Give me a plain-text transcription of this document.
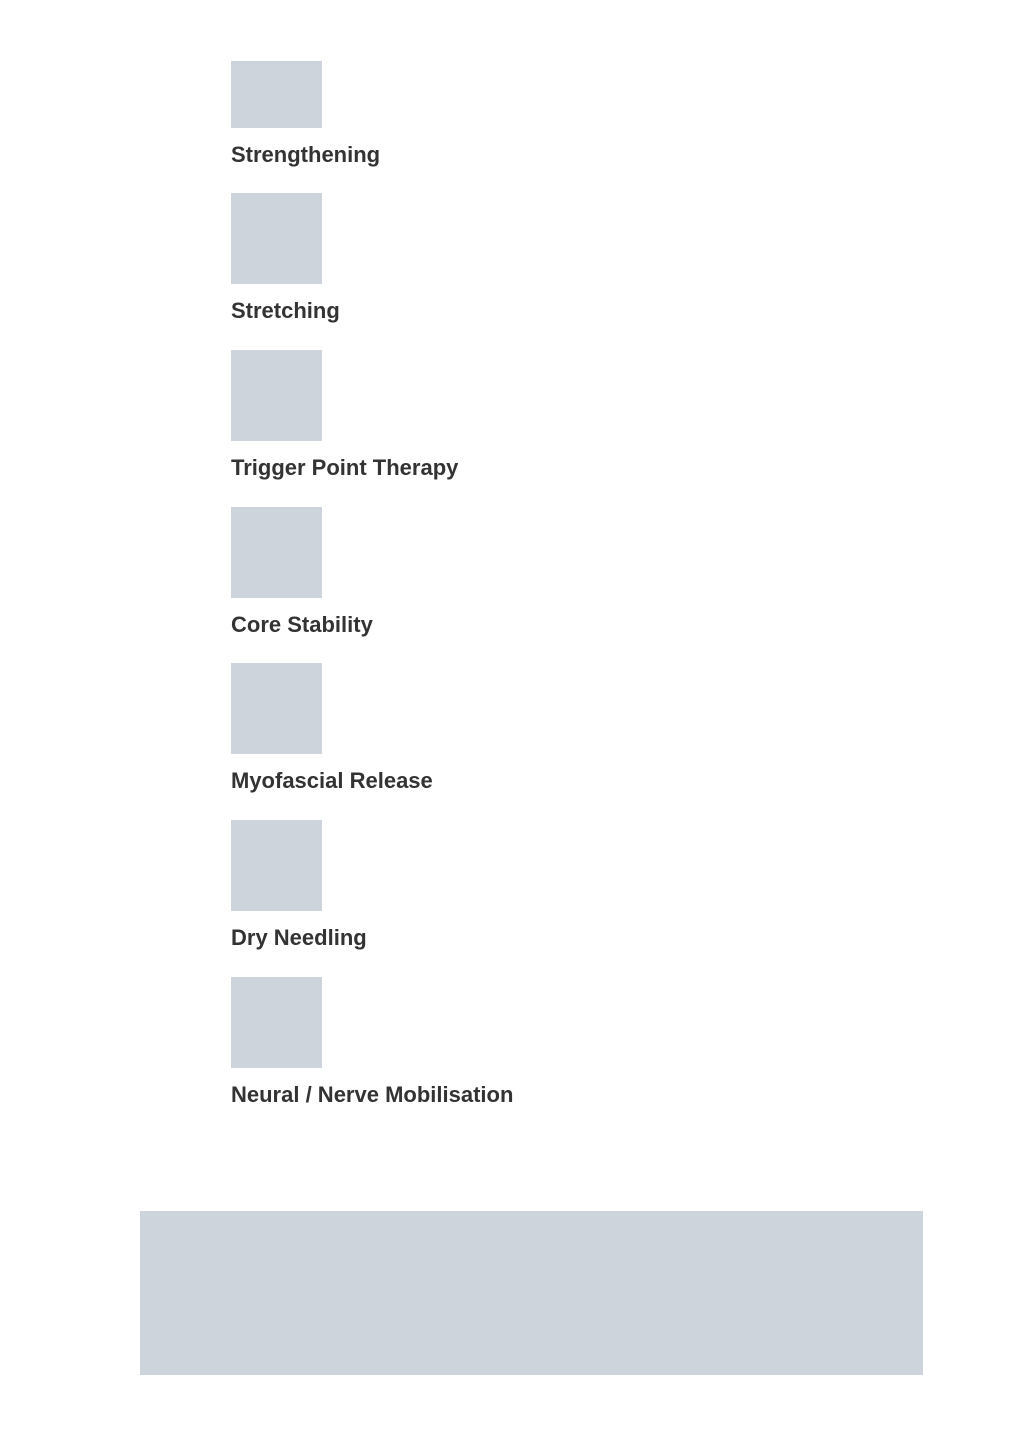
Strengthening
Stretching
Trigger Point Therapy
Core Stability
Myofascial Release
Dry Needling
Neural / Nerve Mobilisation
